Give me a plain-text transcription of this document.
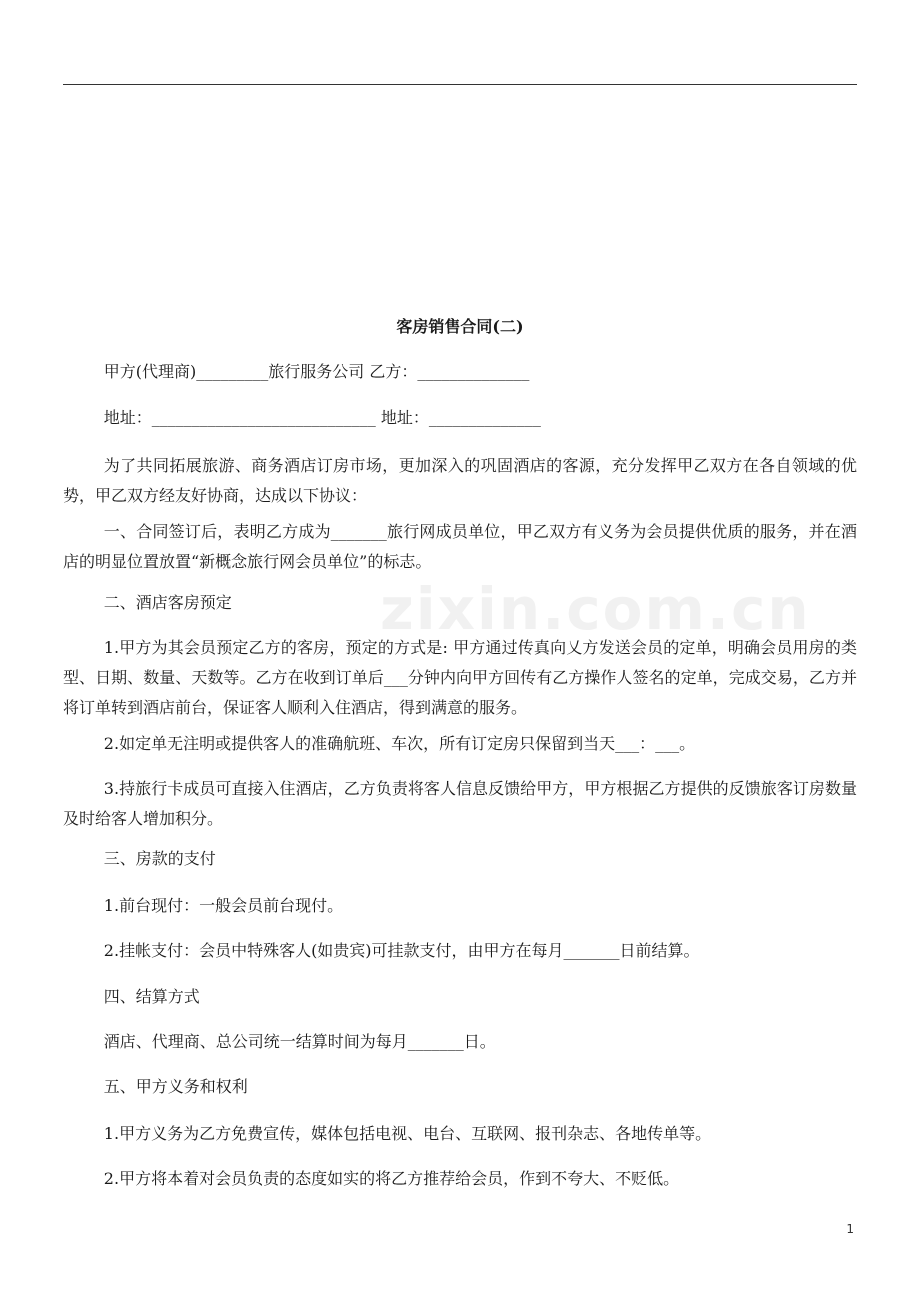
zixin.com.cn
客房销售合同(二)
甲方(代理商)_________旅行服务公司 乙方：______________
地址：____________________________ 地址：______________
为了共同拓展旅游、商务酒店订房市场，更加深入的巩固酒店的客源，充分发挥甲乙双方在各自领域的优势，甲乙双方经友好协商，达成以下协议：
一、合同签订后，表明乙方成为_______旅行网成员单位，甲乙双方有义务为会员提供优质的服务，并在酒店的明显位置放置“新概念旅行网会员单位”的标志。
二、酒店客房预定
1.甲方为其会员预定乙方的客房，预定的方式是: 甲方通过传真向乂方发送会员的定单，明确会员用房的类型、日期、数量、天数等。乙方在收到订单后___分钟内向甲方回传有乙方操作人签名的定单，完成交易，乙方并将订单转到酒店前台，保证客人顺利入住酒店，得到满意的服务。
2.如定单无注明或提供客人的准确航班、车次，所有订定房只保留到当天___：___。
3.持旅行卡成员可直接入住酒店，乙方负责将客人信息反馈给甲方，甲方根据乙方提供的反馈旅客订房数量及时给客人增加积分。
三、房款的支付
1.前台现付：一般会员前台现付。
2.挂帐支付：会员中特殊客人(如贵宾)可挂款支付，由甲方在每月_______日前结算。
四、结算方式
酒店、代理商、总公司统一结算时间为每月_______日。
五、甲方义务和权利
1.甲方义务为乙方免费宣传，媒体包括电视、电台、互联网、报刊杂志、各地传单等。
2.甲方将本着对会员负责的态度如实的将乙方推荐给会员，作到不夸大、不贬低。
1
